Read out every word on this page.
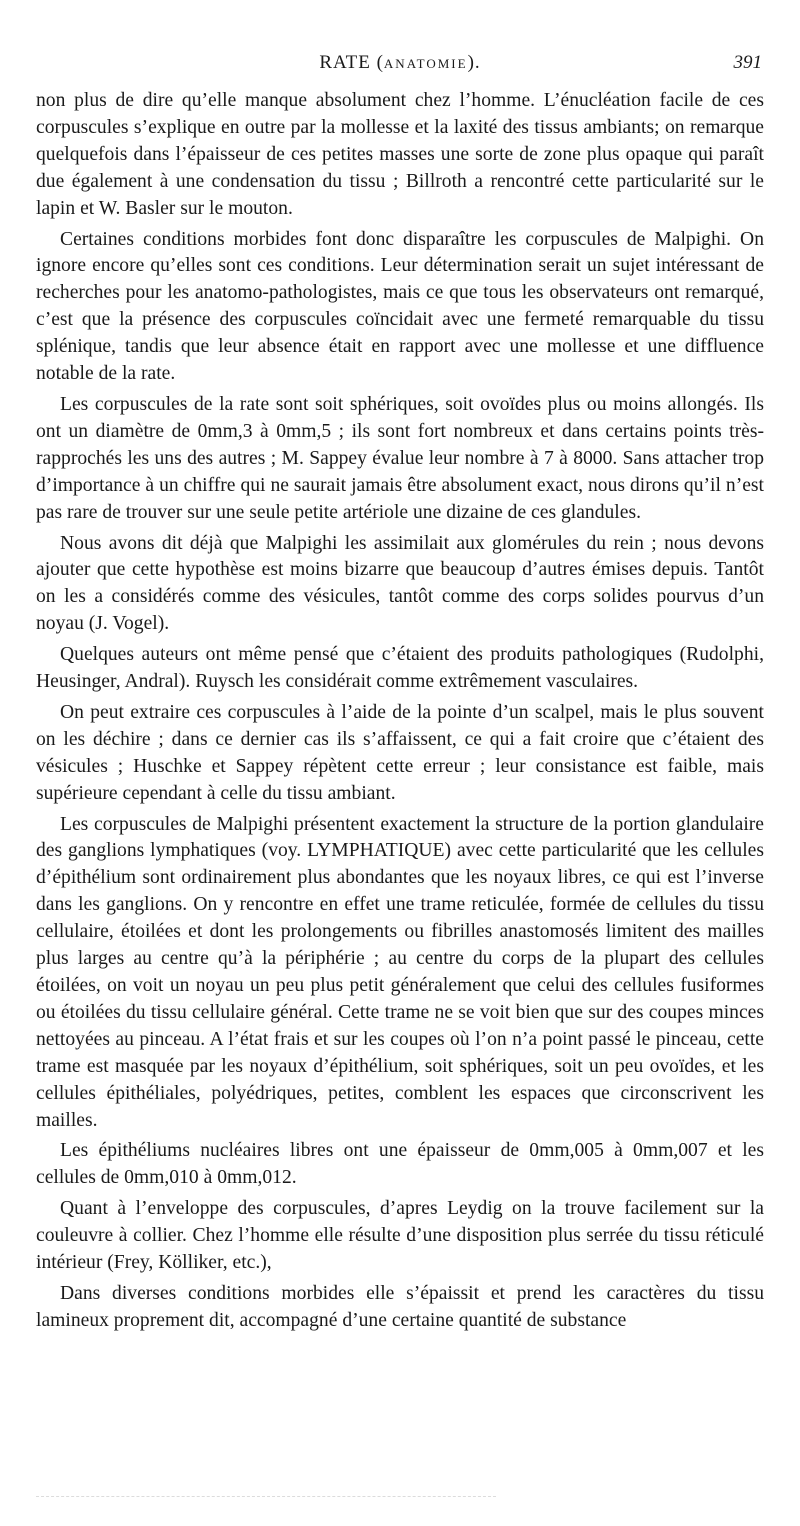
RATE (ANATOMIE).	391

non plus de dire qu’elle manque absolument chez l’homme. L’énucléation facile de ces corpuscules s’explique en outre par la mollesse et la laxité des tissus ambiants; on remarque quelquefois dans l’épaisseur de ces petites masses une sorte de zone plus opaque qui paraît due également à une condensation du tissu ; Billroth a rencontré cette particularité sur le lapin et W. Basler sur le mouton.

Certaines conditions morbides font donc disparaître les corpuscules de Malpighi. On ignore encore qu’elles sont ces conditions. Leur détermination serait un sujet intéressant de recherches pour les anatomo-pathologistes, mais ce que tous les observateurs ont remarqué, c’est que la présence des corpuscules coïncidait avec une fermeté remarquable du tissu splénique, tandis que leur absence était en rapport avec une mollesse et une diffluence notable de la rate.

Les corpuscules de la rate sont soit sphériques, soit ovoïdes plus ou moins allongés. Ils ont un diamètre de 0mm,3 à 0mm,5 ; ils sont fort nombreux et dans certains points très-rapprochés les uns des autres ; M. Sappey évalue leur nombre à 7 à 8000. Sans attacher trop d’importance à un chiffre qui ne saurait jamais être absolument exact, nous dirons qu’il n’est pas rare de trouver sur une seule petite artériole une dizaine de ces glandules.

Nous avons dit déjà que Malpighi les assimilait aux glomérules du rein ; nous devons ajouter que cette hypothèse est moins bizarre que beaucoup d’autres émises depuis. Tantôt on les a considérés comme des vésicules, tantôt comme des corps solides pourvus d’un noyau (J. Vogel).

Quelques auteurs ont même pensé que c’étaient des produits pathologiques (Rudolphi, Heusinger, Andral). Ruysch les considérait comme extrêmement vasculaires.

On peut extraire ces corpuscules à l’aide de la pointe d’un scalpel, mais le plus souvent on les déchire ; dans ce dernier cas ils s’affaissent, ce qui a fait croire que c’étaient des vésicules ; Huschke et Sappey répètent cette erreur ; leur consistance est faible, mais supérieure cependant à celle du tissu ambiant.

Les corpuscules de Malpighi présentent exactement la structure de la portion glandulaire des ganglions lymphatiques (voy. LYMPHATIQUE) avec cette particularité que les cellules d’épithélium sont ordinairement plus abondantes que les noyaux libres, ce qui est l’inverse dans les ganglions. On y rencontre en effet une trame reticulée, formée de cellules du tissu cellulaire, étoilées et dont les prolongements ou fibrilles anastomosés limitent des mailles plus larges au centre qu’à la périphérie ; au centre du corps de la plupart des cellules étoilées, on voit un noyau un peu plus petit généralement que celui des cellules fusiformes ou étoilées du tissu cellulaire général. Cette trame ne se voit bien que sur des coupes minces nettoyées au pinceau. A l’état frais et sur les coupes où l’on n’a point passé le pinceau, cette trame est masquée par les noyaux d’épithélium, soit sphériques, soit un peu ovoïdes, et les cellules épithéliales, polyédriques, petites, comblent les espaces que circonscrivent les mailles.

Les épithéliums nucléaires libres ont une épaisseur de 0mm,005 à 0mm,007 et les cellules de 0mm,010 à 0mm,012.

Quant à l’enveloppe des corpuscules, d’apres Leydig on la trouve facilement sur la couleuvre à collier. Chez l’homme elle résulte d’une disposition plus serrée du tissu réticulé intérieur (Frey, Kölliker, etc.),

Dans diverses conditions morbides elle s’épaissit et prend les caractères du tissu lamineux proprement dit, accompagné d’une certaine quantité de substance
